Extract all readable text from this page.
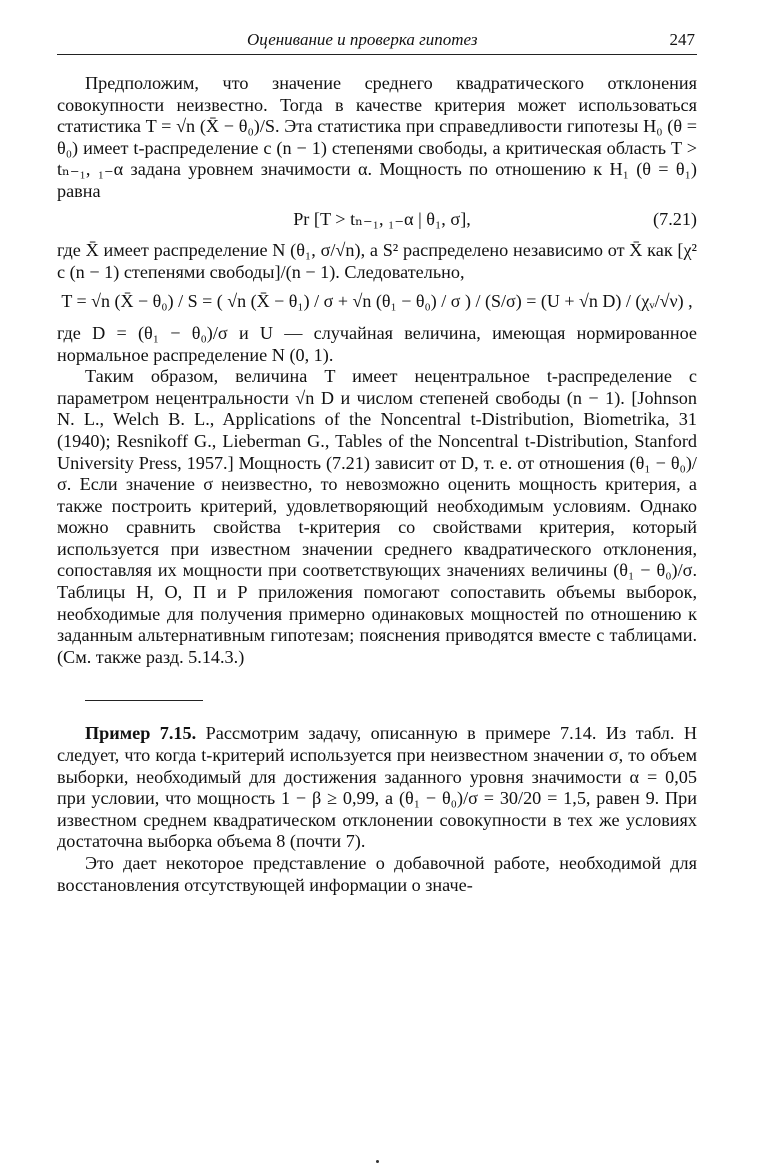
Оценивание и проверка гипотез	247

Предположим, что значение среднего квадратического отклонения совокупности неизвестно. Тогда в качестве критерия может использоваться статистика T = √n (X̄ − θ₀)/S. Эта статистика при справедливости гипотезы H₀ (θ = θ₀) имеет t-распределение с (n − 1) степенями свободы, а критическая область T > tₙ₋₁, ₁₋α задана уровнем значимости α. Мощность по отношению к H₁ (θ = θ₁) равна

Pr [T > tₙ₋₁, ₁₋α | θ₁, σ],	(7.21)

где X̄ имеет распределение N (θ₁, σ/√n), а S² распределено независимо от X̄ как [χ² с (n − 1) степенями свободы]/(n − 1). Следовательно,

T = √n (X̄ − θ₀) / S = ( √n (X̄ − θ₁) / σ + √n (θ₁ − θ₀) / σ ) / (S/σ) = (U + √n D) / (χᵥ/√ν) ,

где D = (θ₁ − θ₀)/σ и U — случайная величина, имеющая нормированное нормальное распределение N (0, 1).

Таким образом, величина T имеет нецентральное t-распределение с параметром нецентральности √n D и числом степеней свободы (n − 1). [Johnson N. L., Welch B. L., Applications of the Noncentral t-Distribution, Biometrika, 31 (1940); Resnikoff G., Lieberman G., Tables of the Noncentral t-Distribution, Stanford University Press, 1957.] Мощность (7.21) зависит от D, т. е. от отношения (θ₁ − θ₀)/σ. Если значение σ неизвестно, то невозможно оценить мощность критерия, а также построить критерий, удовлетворяющий необходимым условиям. Однако можно сравнить свойства t-критерия со свойствами критерия, который используется при известном значении среднего квадратического отклонения, сопоставляя их мощности при соответствующих значениях величины (θ₁ − θ₀)/σ. Таблицы Н, О, П и Р приложения помогают сопоставить объемы выборок, необходимые для получения примерно одинаковых мощностей по отношению к заданным альтернативным гипотезам; пояснения приводятся вместе с таблицами. (См. также разд. 5.14.3.)

Пример 7.15. Рассмотрим задачу, описанную в примере 7.14. Из табл. Н следует, что когда t-критерий используется при неизвестном значении σ, то объем выборки, необходимый для достижения заданного уровня значимости α = 0,05 при условии, что мощность 1 − β ≥ 0,99, а (θ₁ − θ₀)/σ = 30/20 = 1,5, равен 9. При известном среднем квадратическом отклонении совокупности в тех же условиях достаточна выборка объема 8 (почти 7).

Это дает некоторое представление о добавочной работе, необходимой для восстановления отсутствующей информации о значе-
